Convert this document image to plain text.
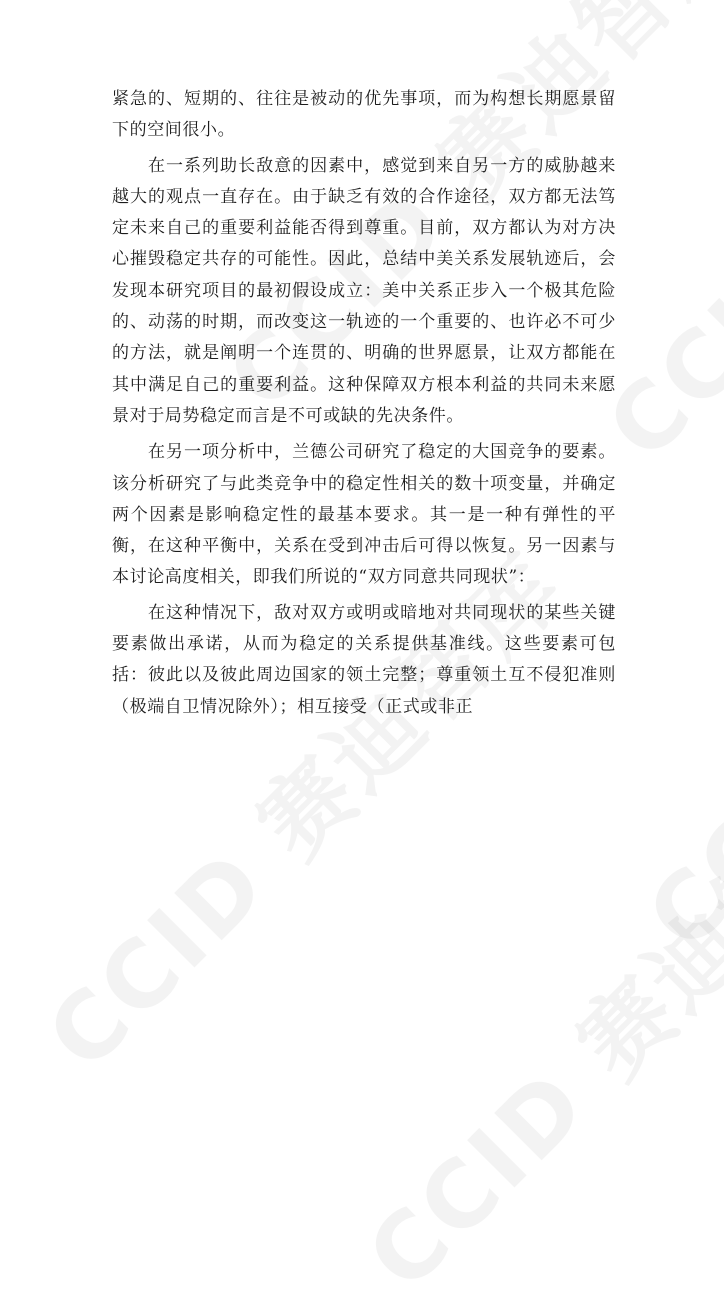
紧急的、短期的、往往是被动的优先事项，而为构想长期愿景留下的空间很小。

在一系列助长敌意的因素中，感觉到来自另一方的威胁越来越大的观点一直存在。由于缺乏有效的合作途径，双方都无法笃定未来自己的重要利益能否得到尊重。目前，双方都认为对方决心摧毁稳定共存的可能性。因此，总结中美关系发展轨迹后，会发现本研究项目的最初假设成立：美中关系正步入一个极其危险的、动荡的时期，而改变这一轨迹的一个重要的、也许必不可少的方法，就是阐明一个连贯的、明确的世界愿景，让双方都能在其中满足自己的重要利益。这种保障双方根本利益的共同未来愿景对于局势稳定而言是不可或缺的先决条件。

在另一项分析中，兰德公司研究了稳定的大国竞争的要素。该分析研究了与此类竞争中的稳定性相关的数十项变量，并确定两个因素是影响稳定性的最基本要求。其一是一种有弹性的平衡，在这种平衡中，关系在受到冲击后可得以恢复。另一因素与本讨论高度相关，即我们所说的“双方同意共同现状”：

在这种情况下，敌对双方或明或暗地对共同现状的某些关键要素做出承诺，从而为稳定的关系提供基准线。这些要素可包括：彼此以及彼此周边国家的领土完整；尊重领土互不侵犯准则（极端自卫情况除外）；相互接受（正式或非正
